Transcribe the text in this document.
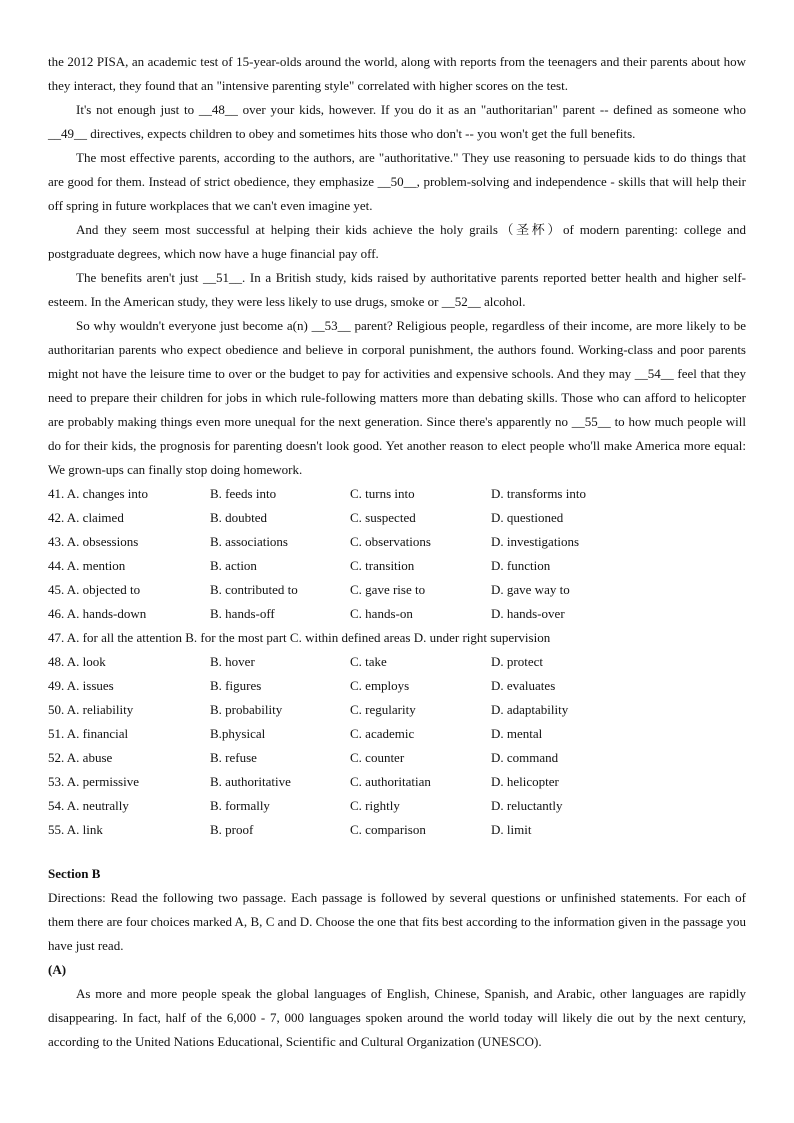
the 2012 PISA, an academic test of 15-year-olds around the world, along with reports from the teenagers and their parents about how they interact, they found that an "intensive parenting style" correlated with higher scores on the test.

It's not enough just to __48__ over your kids, however. If you do it as an "authoritarian" parent -- defined as someone who __49__ directives, expects children to obey and sometimes hits those who don't -- you won't get the full benefits.

The most effective parents, according to the authors, are "authoritative." They use reasoning to persuade kids to do things that are good for them. Instead of strict obedience, they emphasize __50__, problem-solving and independence - skills that will help their off spring in future workplaces that we can't even imagine yet.

And they seem most successful at helping their kids achieve the holy grails（圣杯）of modern parenting: college and postgraduate degrees, which now have a huge financial pay off.

The benefits aren't just __51__. In a British study, kids raised by authoritative parents reported better health and higher self-esteem. In the American study, they were less likely to use drugs, smoke or __52__ alcohol.

So why wouldn't everyone just become a(n) __53__ parent? Religious people, regardless of their income, are more likely to be authoritarian parents who expect obedience and believe in corporal punishment, the authors found. Working-class and poor parents might not have the leisure time to over or the budget to pay for activities and expensive schools. And they may __54__ feel that they need to prepare their children for jobs in which rule-following matters more than debating skills. Those who can afford to helicopter are probably making things even more unequal for the next generation. Since there's apparently no __55__ to how much people will do for their kids, the prognosis for parenting doesn't look good. Yet another reason to elect people who'll make America more equal: We grown-ups can finally stop doing homework.

41. A. changes into	B. feeds into	C. turns into	D. transforms into
42. A. claimed	B. doubted	C. suspected	D. questioned
43. A. obsessions	B. associations	C. observations	D. investigations
44. A. mention	B. action	C. transition	D. function
45. A. objected to	B. contributed to	C. gave rise to	D. gave way to
46. A. hands-down	B. hands-off	C. hands-on	D. hands-over
47. A. for all the attention B. for the most part C. within defined areas D. under right supervision
48. A. look	B. hover	C. take	D. protect
49. A. issues	B. figures	C. employs	D. evaluates
50. A. reliability	B. probability	C. regularity	D. adaptability
51. A. financial	B.physical	C. academic	D. mental
52. A. abuse	B. refuse	C. counter	D. command
53. A. permissive	B. authoritative	C. authoritatian	D. helicopter
54. A. neutrally	B. formally	C. rightly	D. reluctantly
55. A. link	B. proof	C. comparison	D. limit

Section B

Directions: Read the following two passage. Each passage is followed by several questions or unfinished statements. For each of them there are four choices marked A, B, C and D. Choose the one that fits best according to the information given in the passage you have just read.

(A)

As more and more people speak the global languages of English, Chinese, Spanish, and Arabic, other languages are rapidly disappearing. In fact, half of the 6,000 - 7, 000 languages spoken around the world today will likely die out by the next century, according to the United Nations Educational, Scientific and Cultural Organization (UNESCO).
